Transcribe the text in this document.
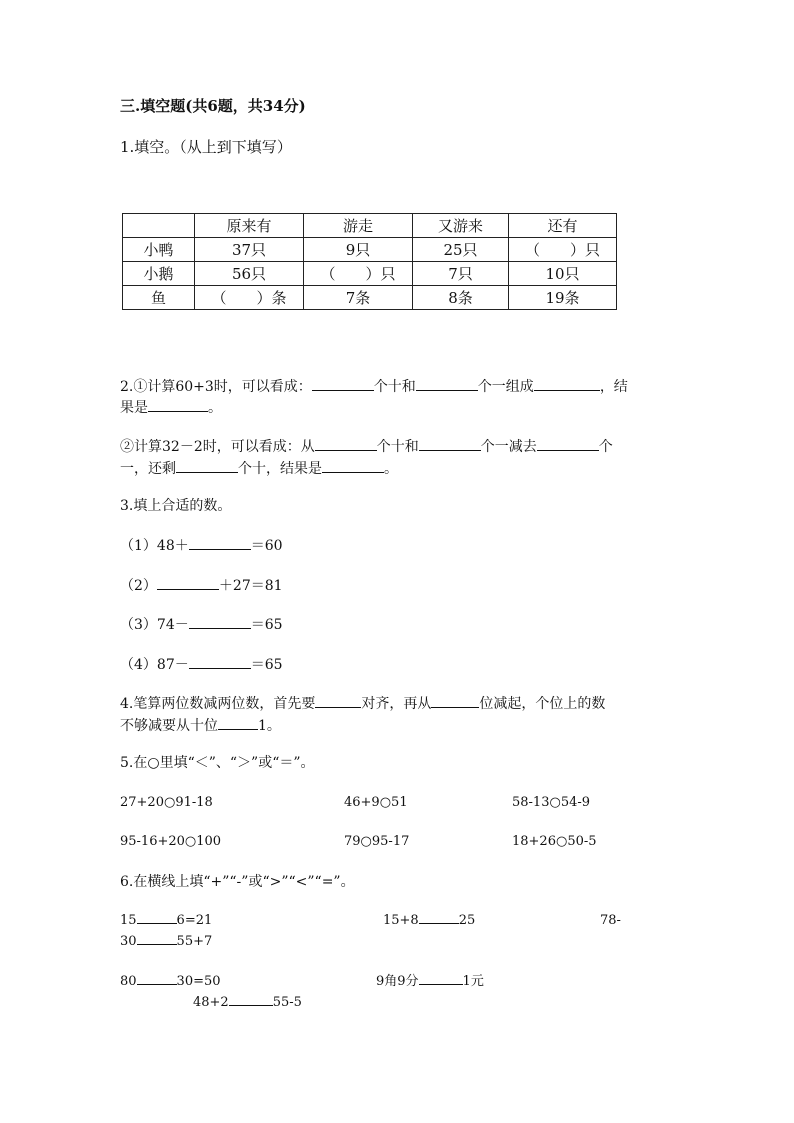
三.填空题(共6题，共34分)
1.填空。（从上到下填写）
	原来有	游走	又游来	还有
小鸭	37只	9只	25只	（　　）只
小鹅	56只	（　　）只	7只	10只
鱼	（　　）条	7条	8条	19条
2.①计算60+3时，可以看成：	个十和	个一组成	，结
果是	。
②计算32－2时，可以看成：从	个十和	个一减去	个
一，还剩	个十，结果是	。
3.填上合适的数。
（1）48＋	＝60
（2）	＋27＝81
（3）74－	＝65
（4）87－	＝65
4.笔算两位数减两位数，首先要	对齐，再从	位减起，个位上的数
不够减要从十位	1。
5.在○里填“＜”、“＞”或“＝”。
27+20○91-18	46+9○51	58-13○54-9
95-16+20○100	79○95-17	18+26○50-5
6.在横线上填“+”“-”或“>”“<”“=”。
15	6=21	15+8	25	78-
30	55+7
80	30=50	9角9分	1元
48+2	55-5
